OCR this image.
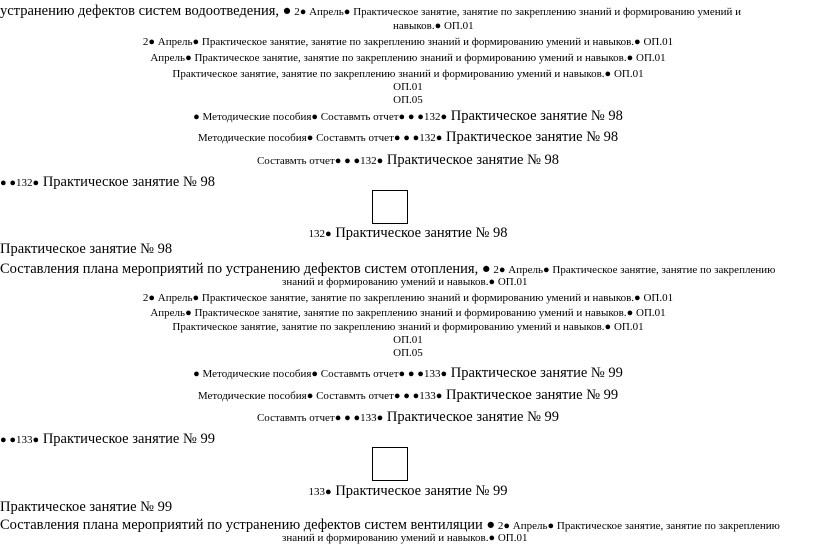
устранению дефектов систем водоотведения, ● 2● Апрель● Практическое занятие, занятие по закреплению знаний и формированию умений и
навыков.● ОП.01
2● Апрель● Практическое занятие, занятие по закреплению знаний и формированию умений и навыков.● ОП.01
Апрель● Практическое занятие, занятие по закреплению знаний и формированию умений и навыков.● ОП.01
Практическое занятие, занятие по закреплению знаний и формированию умений и навыков.● ОП.01
ОП.01
ОП.05
● Методические пособия● Составмть отчет● ● ●132● Практическое занятие № 98
Методические пособия● Составмть отчет● ● ●132● Практическое занятие № 98
Составмть отчет● ● ●132● Практическое занятие № 98
● ●132● Практическое занятие № 98
132● Практическое занятие № 98
Практическое занятие № 98
Составления плана мероприятий по устранению дефектов систем отопления, ● 2● Апрель● Практическое занятие, занятие по закреплению
знаний и формированию умений и навыков.● ОП.01
2● Апрель● Практическое занятие, занятие по закреплению знаний и формированию умений и навыков.● ОП.01
Апрель● Практическое занятие, занятие по закреплению знаний и формированию умений и навыков.● ОП.01
Практическое занятие, занятие по закреплению знаний и формированию умений и навыков.● ОП.01
ОП.01
ОП.05
● Методические пособия● Составмть отчет● ● ●133● Практическое занятие № 99
Методические пособия● Составмть отчет● ● ●133● Практическое занятие № 99
Составмть отчет● ● ●133● Практическое занятие № 99
● ●133● Практическое занятие № 99
133● Практическое занятие № 99
Практическое занятие № 99
Составления плана мероприятий по устранению дефектов систем вентиляции ● 2● Апрель● Практическое занятие, занятие по закреплению
знаний и формированию умений и навыков.● ОП.01
